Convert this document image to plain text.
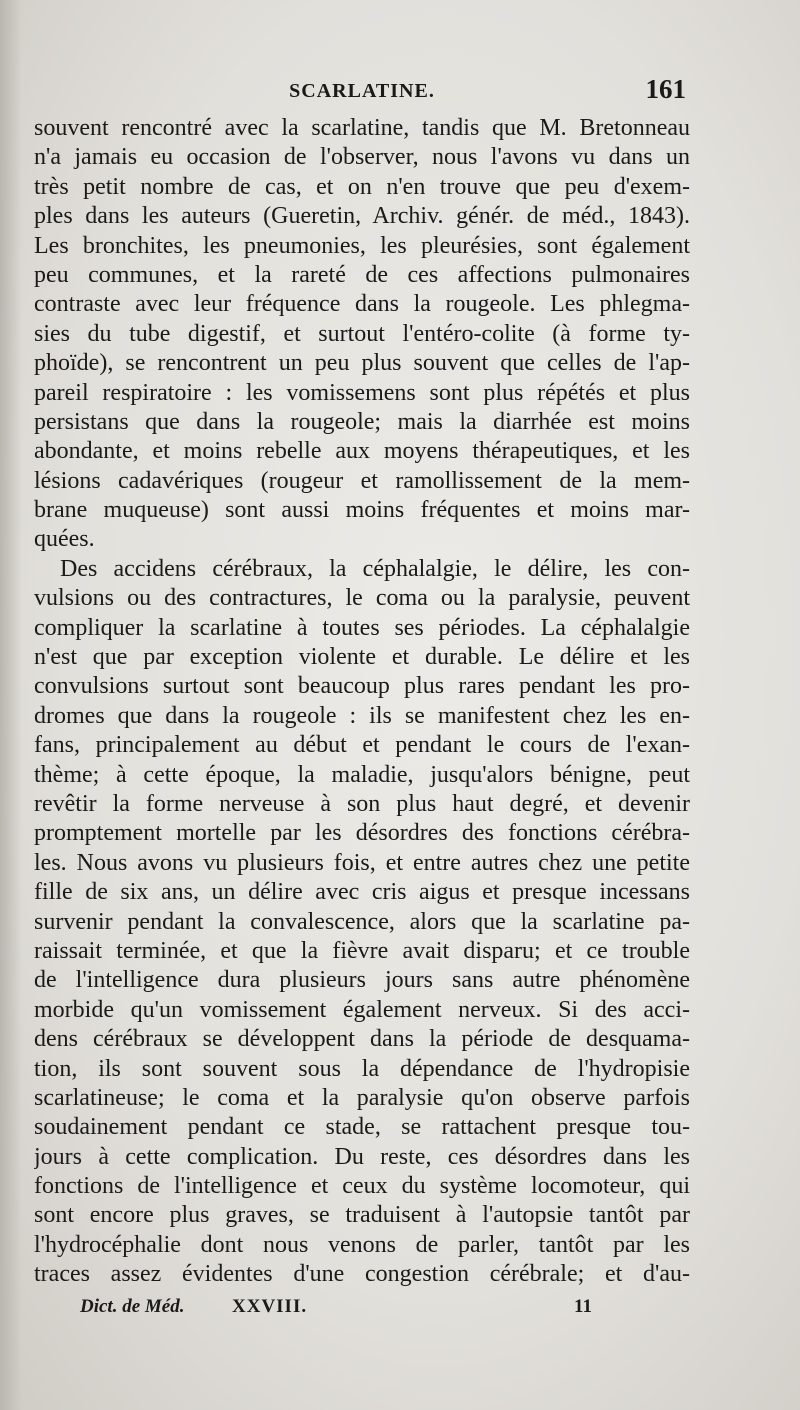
SCARLATINE.	161
souvent rencontré avec la scarlatine, tandis que M. Bretonneau
n'a jamais eu occasion de l'observer, nous l'avons vu dans un
très petit nombre de cas, et on n'en trouve que peu d'exem-
ples dans les auteurs (Gueretin, Archiv. génér. de méd., 1843).
Les bronchites, les pneumonies, les pleurésies, sont également
peu communes, et la rareté de ces affections pulmonaires
contraste avec leur fréquence dans la rougeole. Les phlegma-
sies du tube digestif, et surtout l'entéro-colite (à forme ty-
phoïde), se rencontrent un peu plus souvent que celles de l'ap-
pareil respiratoire : les vomissemens sont plus répétés et plus
persistans que dans la rougeole; mais la diarrhée est moins
abondante, et moins rebelle aux moyens thérapeutiques, et les
lésions cadavériques (rougeur et ramollissement de la mem-
brane muqueuse) sont aussi moins fréquentes et moins mar-
quées.
Des accidens cérébraux, la céphalalgie, le délire, les con-
vulsions ou des contractures, le coma ou la paralysie, peuvent
compliquer la scarlatine à toutes ses périodes. La céphalalgie
n'est que par exception violente et durable. Le délire et les
convulsions surtout sont beaucoup plus rares pendant les pro-
dromes que dans la rougeole : ils se manifestent chez les en-
fans, principalement au début et pendant le cours de l'exan-
thème; à cette époque, la maladie, jusqu'alors bénigne, peut
revêtir la forme nerveuse à son plus haut degré, et devenir
promptement mortelle par les désordres des fonctions cérébra-
les. Nous avons vu plusieurs fois, et entre autres chez une petite
fille de six ans, un délire avec cris aigus et presque incessans
survenir pendant la convalescence, alors que la scarlatine pa-
raissait terminée, et que la fièvre avait disparu; et ce trouble
de l'intelligence dura plusieurs jours sans autre phénomène
morbide qu'un vomissement également nerveux. Si des acci-
dens cérébraux se développent dans la période de desquama-
tion, ils sont souvent sous la dépendance de l'hydropisie
scarlatineuse; le coma et la paralysie qu'on observe parfois
soudainement pendant ce stade, se rattachent presque tou-
jours à cette complication. Du reste, ces désordres dans les
fonctions de l'intelligence et ceux du système locomoteur, qui
sont encore plus graves, se traduisent à l'autopsie tantôt par
l'hydrocéphalie dont nous venons de parler, tantôt par les
traces assez évidentes d'une congestion cérébrale; et d'au-
Dict. de Méd.	XXVIII.	11
